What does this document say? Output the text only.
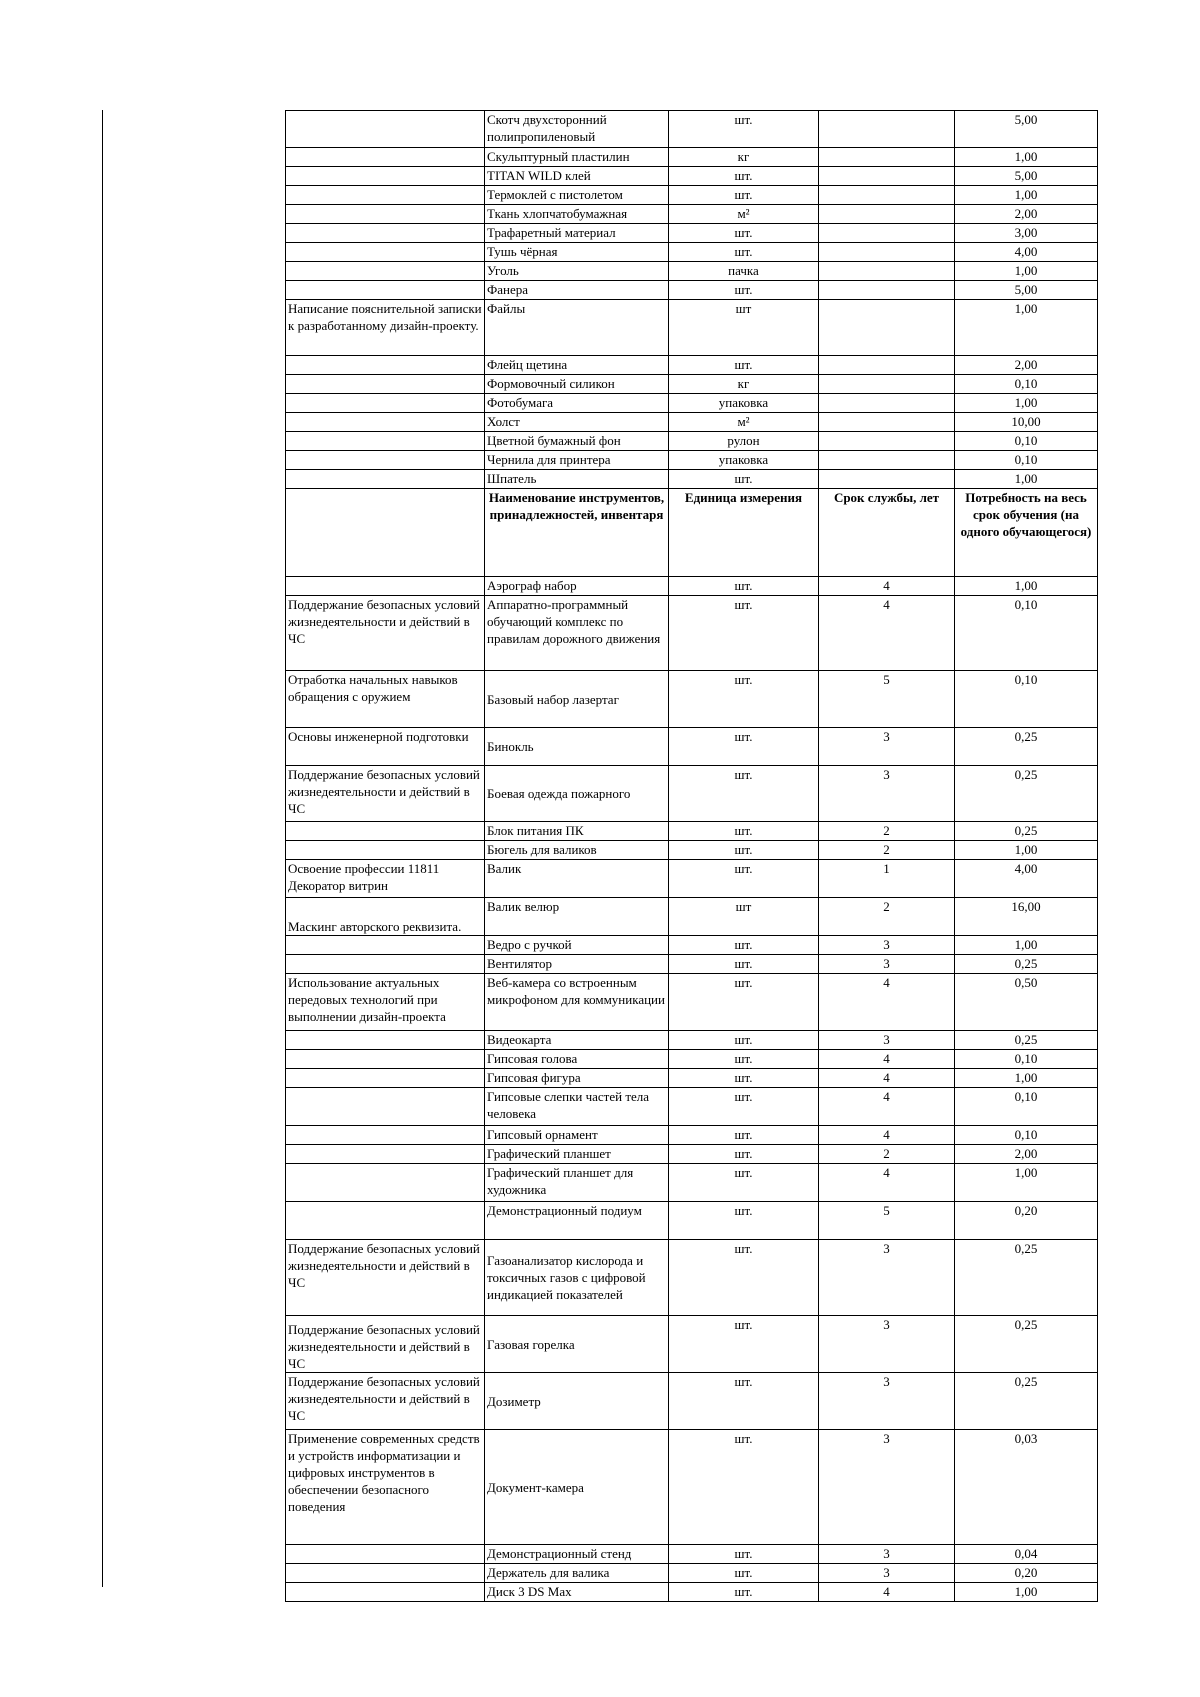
	Скотч двухсторонний полипропиленовый	шт.		5,00
	Скульптурный пластилин	кг		1,00
	TITAN WILD клей	шт.		5,00
	Термоклей с пистолетом	шт.		1,00
	Ткань хлопчатобумажная	м²		2,00
	Трафаретный материал	шт.		3,00
	Тушь чёрная	шт.		4,00
	Уголь	пачка		1,00
	Фанера	шт.		5,00
Написание пояснительной записки к разработанному дизайн-проекту.	Файлы	шт		1,00
	Флейц щетина	шт.		2,00
	Формовочный силикон	кг		0,10
	Фотобумага	упаковка		1,00
	Холст	м²		10,00
	Цветной бумажный фон	рулон		0,10
	Чернила для принтера	упаковка		0,10
	Шпатель	шт.		1,00
	Наименование инструментов, принадлежностей, инвентаря	Единица измерения	Срок службы, лет	Потребность на весь срок обучения (на одного обучающегося)
	Аэрограф набор	шт.	4	1,00
Поддержание безопасных условий жизнедеятельности и действий в ЧС	Аппаратно-программный обучающий комплекс по правилам дорожного движения	шт.	4	0,10
Отработка начальных навыков обращения с оружием	Базовый набор лазертаг	шт.	5	0,10
Основы инженерной подготовки	Бинокль	шт.	3	0,25
Поддержание безопасных условий жизнедеятельности и действий в ЧС	Боевая одежда пожарного	шт.	3	0,25
	Блок питания ПК	шт.	2	0,25
	Бюгель для валиков	шт.	2	1,00
Освоение профессии 11811 Декоратор витрин	Валик	шт.	1	4,00
Маскинг авторского реквизита.	Валик велюр	шт	2	16,00
	Ведро с ручкой	шт.	3	1,00
	Вентилятор	шт.	3	0,25
Использование актуальных передовых технологий при выполнении дизайн-проекта	Веб-камера со встроенным микрофоном для коммуникации	шт.	4	0,50
	Видеокарта	шт.	3	0,25
	Гипсовая голова	шт.	4	0,10
	Гипсовая фигура	шт.	4	1,00
	Гипсовые слепки частей тела человека	шт.	4	0,10
	Гипсовый орнамент	шт.	4	0,10
	Графический планшет	шт.	2	2,00
	Графический планшет для художника	шт.	4	1,00
	Демонстрационный подиум	шт.	5	0,20
Поддержание безопасных условий жизнедеятельности и действий в ЧС	Газоанализатор кислорода и токсичных газов с цифровой индикацией показателей	шт.	3	0,25
Поддержание безопасных условий жизнедеятельности и действий в ЧС	Газовая горелка	шт.	3	0,25
Поддержание безопасных условий жизнедеятельности и действий в ЧС	Дозиметр	шт.	3	0,25
Применение современных средств и устройств информатизации и цифровых инструментов в обеспечении безопасного поведения	Документ-камера	шт.	3	0,03
	Демонстрационный стенд	шт.	3	0,04
	Держатель для валика	шт.	3	0,20
	Диск 3 DS Max	шт.	4	1,00
